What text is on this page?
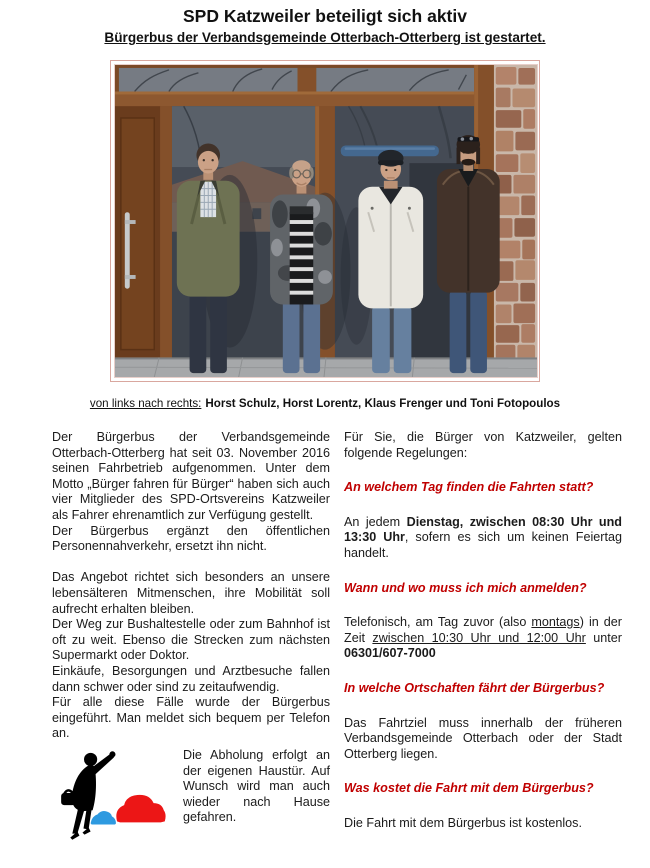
SPD Katzweiler beteiligt sich aktiv
Bürgerbus der Verbandsgemeinde Otterbach-Otterberg ist gestartet.

von links nach rechts: Horst Schulz, Horst Lorentz, Klaus Frenger und Toni Fotopoulos

Der Bürgerbus der Verbandsgemeinde Otterbach-Otterberg hat seit 03. November 2016 seinen Fahrbetrieb aufgenommen. Unter dem Motto „Bürger fahren für Bürger“ haben sich auch vier Mitglieder des SPD-Ortsvereins Katzweiler als Fahrer ehrenamtlich zur Verfügung gestellt.

Der Bürgerbus ergänzt den öffentlichen Personennahverkehr, ersetzt ihn nicht.

Das Angebot richtet sich besonders an unsere lebensälteren Mitmenschen, ihre Mobilität soll aufrecht erhalten bleiben.

Der Weg zur Bushaltestelle oder zum Bahnhof ist oft zu weit. Ebenso die Strecken zum nächsten Supermarkt oder Doktor.

Einkäufe, Besorgungen und Arztbesuche fallen dann schwer oder sind zu zeitaufwendig.

Für alle diese Fälle wurde der Bürgerbus eingeführt. Man meldet sich bequem per Telefon an.

Die Abholung erfolgt an der eigenen Haustür. Auf Wunsch wird man auch wieder nach Hause gefahren.

Für Sie, die Bürger von Katzweiler, gelten folgende Regelungen:

An welchem Tag finden die Fahrten statt?

An jedem Dienstag, zwischen 08:30 Uhr und 13:30 Uhr, sofern es sich um keinen Feiertag handelt.

Wann und wo muss ich mich anmelden?

Telefonisch, am Tag zuvor (also montags) in der Zeit zwischen 10:30 Uhr und 12:00 Uhr unter 06301/607-7000

In welche Ortschaften fährt der Bürgerbus?

Das Fahrtziel muss innerhalb der früheren Verbandsgemeinde Otterbach oder der Stadt Otterberg liegen.

Was kostet die Fahrt mit dem Bürgerbus?

Die Fahrt mit dem Bürgerbus ist kostenlos.
